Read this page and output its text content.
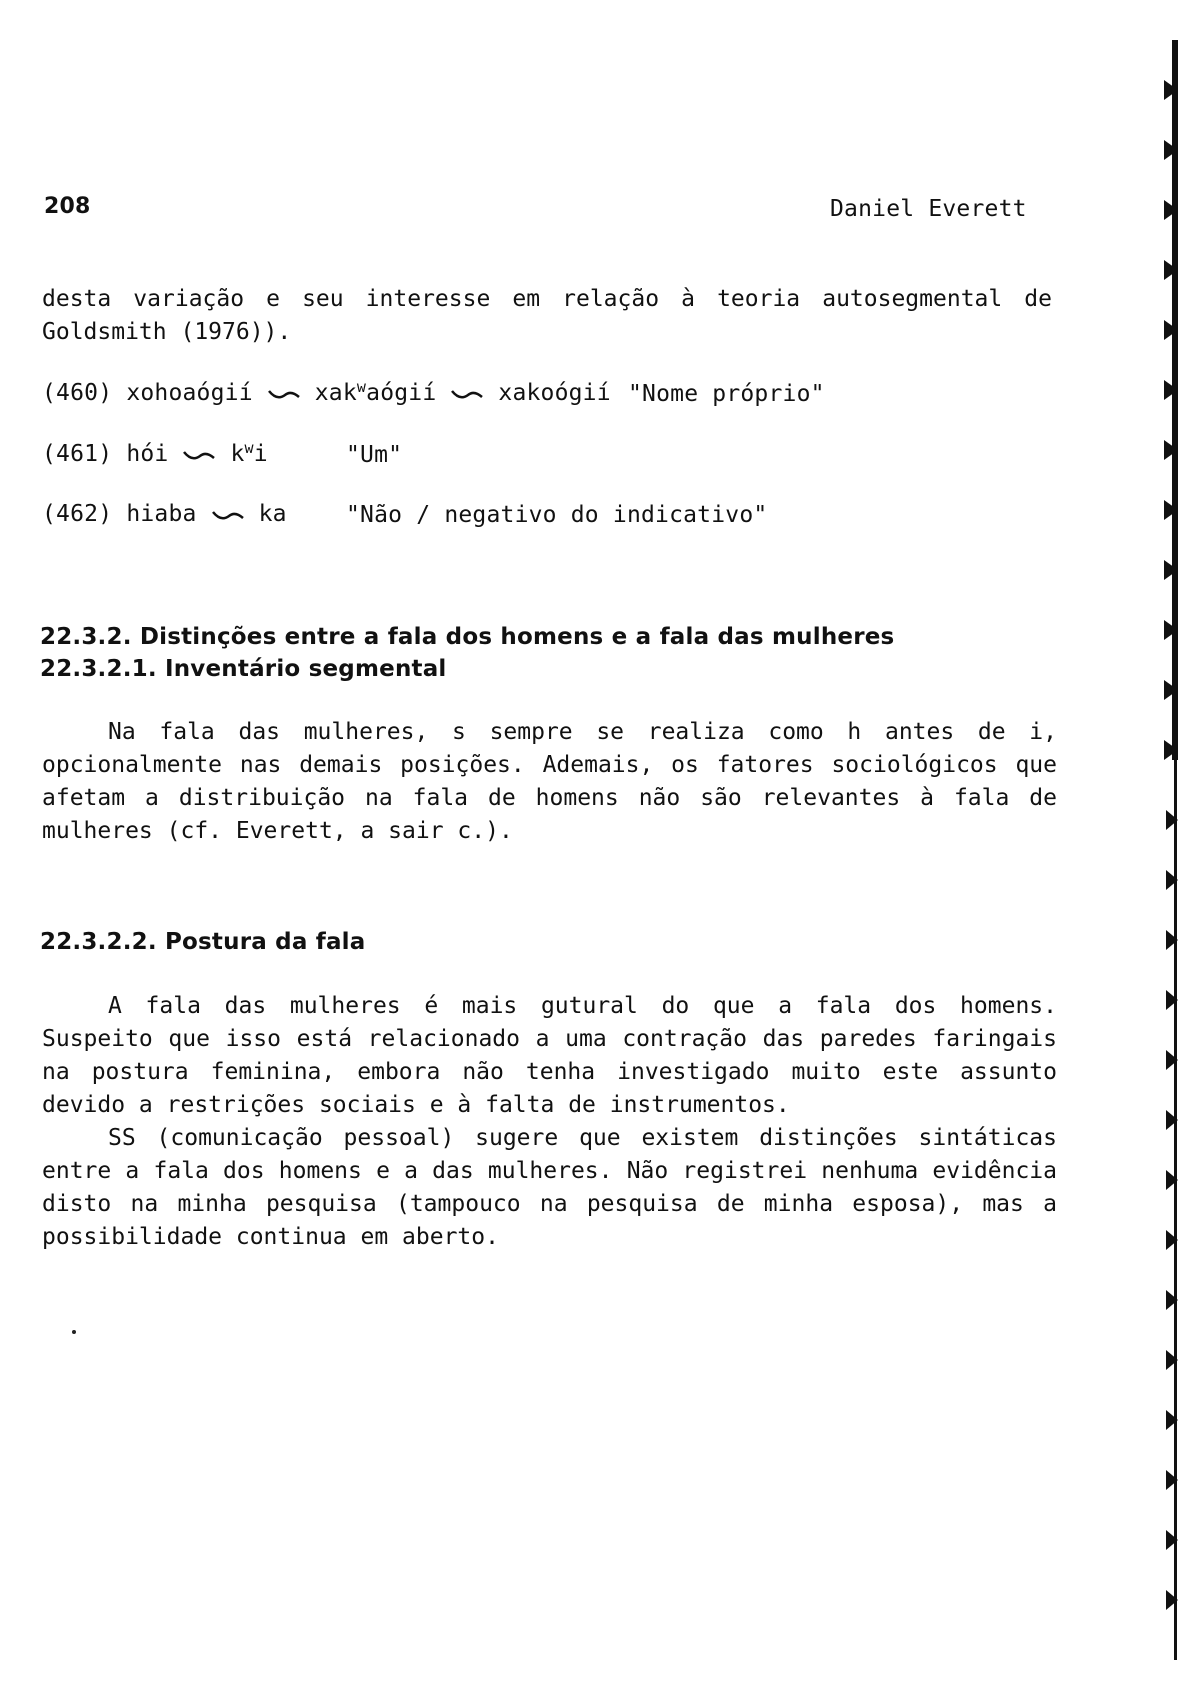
208	Daniel Everett
desta variação e seu interesse em relação à teoria autosegmental de Goldsmith (1976)).
(460) xohoaógií	xak$^w$aógií	xakoógií "Nome próprio"
(461) hói	$k^wi$	"Um"
(462) hiaba	ka	"Não / negativo do indicativo"
22.3.2. Distinções entre a fala dos homens e a fala das mulheres
22.3.2.1. Inventário segmental
Na fala das mulheres, s sempre se realiza como h antes de i, opcionalmente nas demais posições. Ademais, os fatores sociológicos que afetam a distribuição na fala de homens não são relevantes à fala de mulheres (cf. Everett, a sair c.).
22.3.2.2. Postura da fala
A fala das mulheres é mais gutural do que a fala dos homens. Suspeito que isso está relacionado a uma contração das paredes faringais na postura feminina, embora não tenha investigado muito este assunto devido a restrições sociais e à falta de instrumentos.
SS (comunicação pessoal) sugere que existem distinções sintáticas entre a fala dos homens e a das mulheres. Não registrei nenhuma evidência disto na minha pesquisa (tampouco na pesquisa de minha esposa), mas a possibilidade continua em aberto.
